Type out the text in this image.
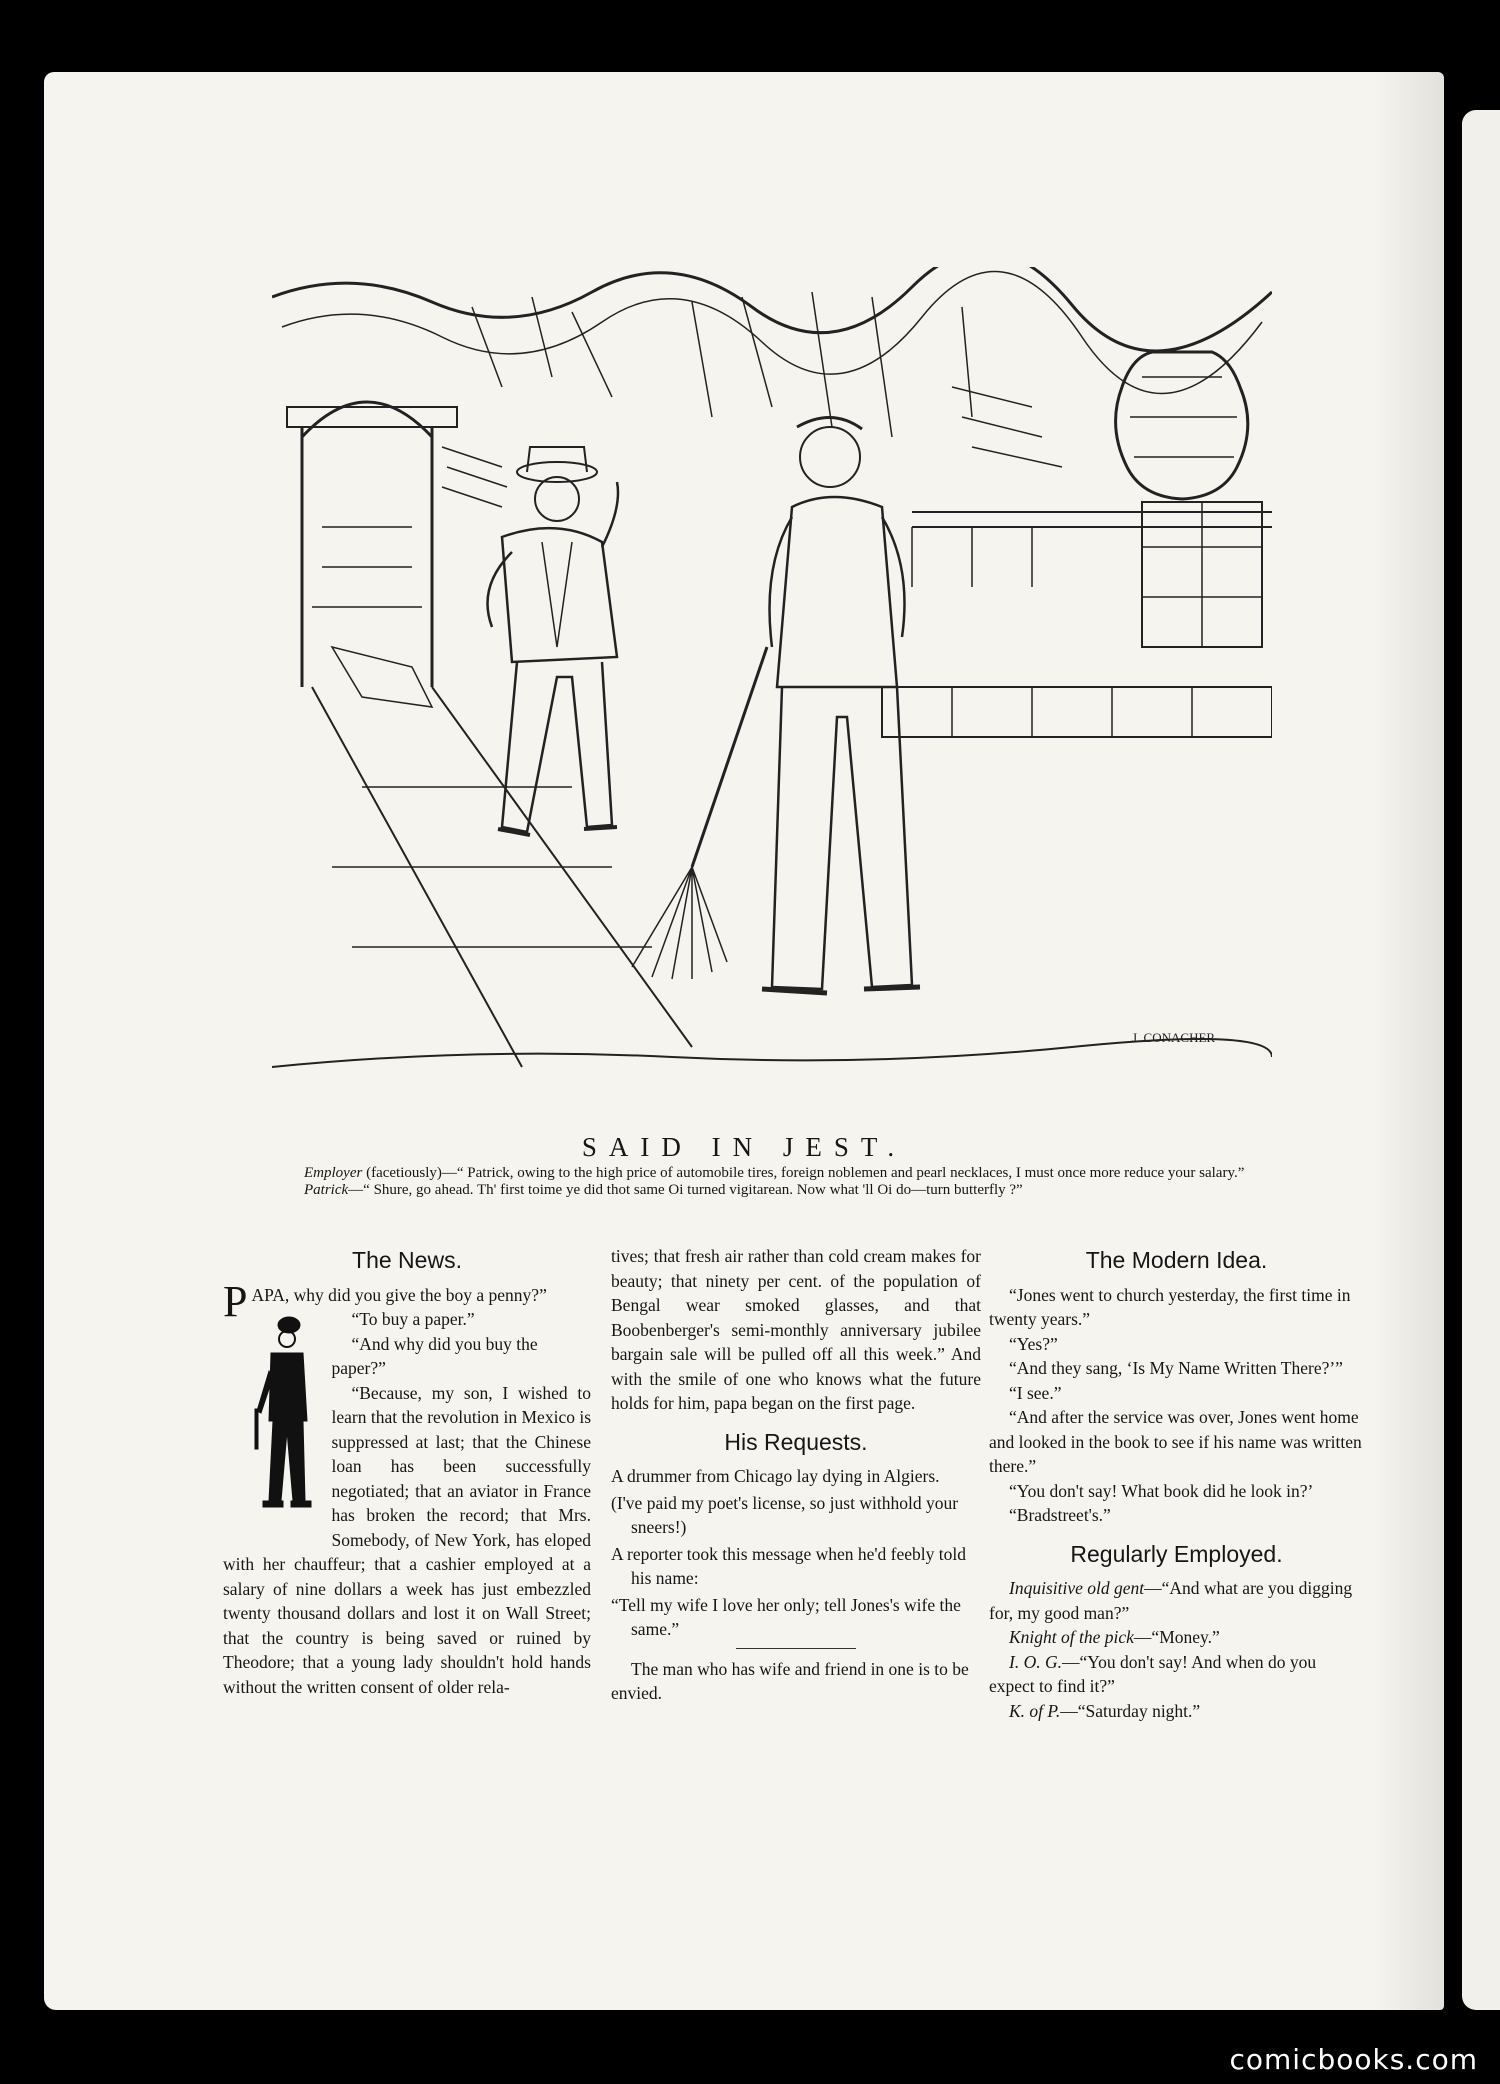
J. CONACHER
SAID IN JEST.

Employer (facetiously)—“ Patrick, owing to the high price of automobile tires, foreign noblemen and pearl necklaces, I must once more reduce your salary.”

Patrick—“ Shure, go ahead. Th' first toime ye did thot same Oi turned vigitarean. Now what 'll Oi do—turn butterfly ?”

The News.

PAPA, why did you give the boy a penny?”

“To buy a paper.”

“And why did you buy the paper?”

“Because, my son, I wished to learn that the revolution in Mexico is suppressed at last; that the Chinese loan has been successfully negotiated; that an aviator in France has broken the record; that Mrs. Somebody, of New York, has eloped with her chauffeur; that a cashier employed at a salary of nine dollars a week has just embezzled twenty thousand dollars and lost it on Wall Street; that the country is being saved or ruined by Theodore; that a young lady shouldn't hold hands without the written consent of older rela-

tives; that fresh air rather than cold cream makes for beauty; that ninety per cent. of the population of Bengal wear smoked glasses, and that Boobenberger's semi-monthly anniversary jubilee bargain sale will be pulled off all this week.” And with the smile of one who knows what the future holds for him, papa began on the first page.

His Requests.

A drummer from Chicago lay dying in Algiers.

(I've paid my poet's license, so just withhold your sneers!)

A reporter took this message when he'd feebly told his name:

“Tell my wife I love her only; tell Jones's wife the same.”

The man who has wife and friend in one is to be envied.

The Modern Idea.

“Jones went to church yesterday, the first time in twenty years.”

“Yes?”

“And they sang, ‘Is My Name Written There?’”

“I see.”

“And after the service was over, Jones went home and looked in the book to see if his name was written there.”

“You don't say! What book did he look in?’

“Bradstreet's.”

Regularly Employed.

Inquisitive old gent—“And what are you digging for, my good man?”

Knight of the pick—“Money.”

I. O. G.—“You don't say! And when do you expect to find it?”

K. of P.—“Saturday night.”

comicbooks.com
